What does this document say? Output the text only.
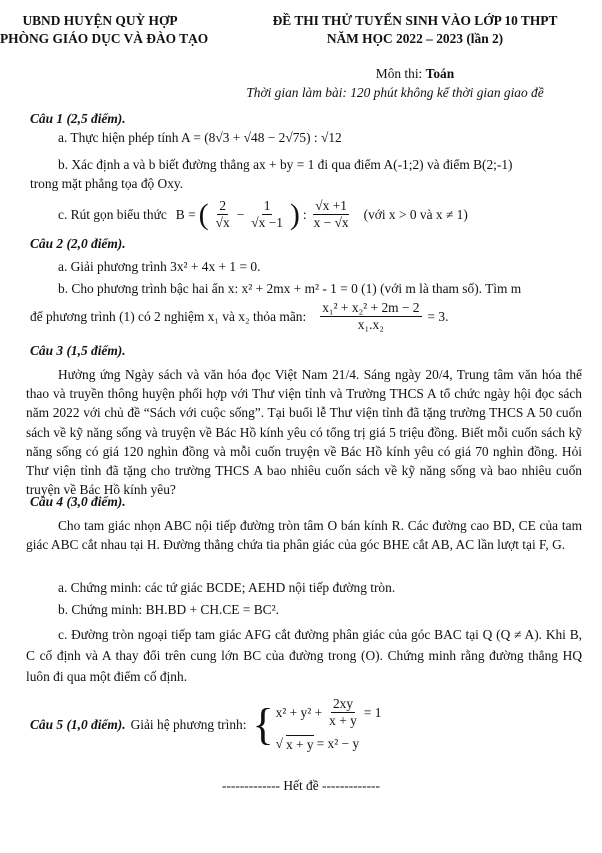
UBND HUYỆN QUỲ HỢP
PHÒNG GIÁO DỤC VÀ ĐÀO TẠO
ĐỀ THI THỬ TUYỂN SINH VÀO LỚP 10 THPT
NĂM HỌC 2022 – 2023 (lần 2)
Môn thi: Toán
Thời gian làm bài: 120 phút không kể thời gian giao đề
Câu 1 (2,5 điểm).
a. Thực hiện phép tính A = (8√3 + √48 − 2√75) : √12
b. Xác định a và b biết đường thẳng ax + by = 1 đi qua điểm A(-1;2) và điểm B(2;-1)
trong mặt phẳng tọa độ Oxy.
c. Rút gọn biểu thức B = ( $\frac{2}{√x} - \frac{1}{√x -1}$ ) : $\frac{√x +1}{x - √x}$ (với x > 0 và x ≠ 1)
Câu 2 (2,0 điểm).
a. Giải phương trình 3x² + 4x + 1 = 0.
b. Cho phương trình bậc hai ẩn x: x² + 2mx + m² - 1 = 0 (1) (với m là tham số). Tìm m
để phương trình (1) có 2 nghiệm x₁ và x₂ thỏa mãn: $\frac{\text{x₁² + x₂² + 2m − 2}}{\text{x₁.x₂}} = 3$.
Câu 3 (1,5 điểm).
Hưởng ứng Ngày sách và văn hóa đọc Việt Nam 21/4. Sáng ngày 20/4, Trung tâm văn hóa thể thao và truyền thông huyện phối hợp với Thư viện tỉnh và Trường THCS A tổ chức ngày hội đọc sách năm 2022 với chủ đề “Sách với cuộc sống”. Tại buổi lễ Thư viện tỉnh đã tặng trường THCS A 50 cuốn sách về kỹ năng sống và truyện về Bác Hồ kính yêu có tổng trị giá 5 triệu đồng. Biết mỗi cuốn sách kỹ năng sống có giá 120 nghìn đồng và mỗi cuốn truyện về Bác Hồ kính yêu có giá 70 nghìn đồng. Hỏi Thư viện tỉnh đã tặng cho trường THCS A bao nhiêu cuốn sách về kỹ năng sống và bao nhiêu cuốn truyện về Bác Hồ kính yêu?
Câu 4 (3,0 điểm).
Cho tam giác nhọn ABC nội tiếp đường tròn tâm O bán kính R. Các đường cao BD, CE của tam giác ABC cắt nhau tại H. Đường thẳng chứa tia phân giác của góc BHE cắt AB, AC lần lượt tại F, G.
a. Chứng minh: các tứ giác BCDE; AEHD nội tiếp đường tròn.
b. Chứng minh: BH.BD + CH.CE = BC².
c. Đường tròn ngoại tiếp tam giác AFG cắt đường phân giác của góc BAC tại Q (Q ≠ A). Khi B, C cố định và A thay đổi trên cung lớn BC của đường trong (O). Chứng minh rằng đường thẳng HQ luôn đi qua một điểm cố định.
Câu 5 (1,0 điểm). Giải hệ phương trình: { $x^2 + y^2 + \frac{2xy}{x + y} = 1$
√ x + y = x² − y
------------- Hết đề -------------
